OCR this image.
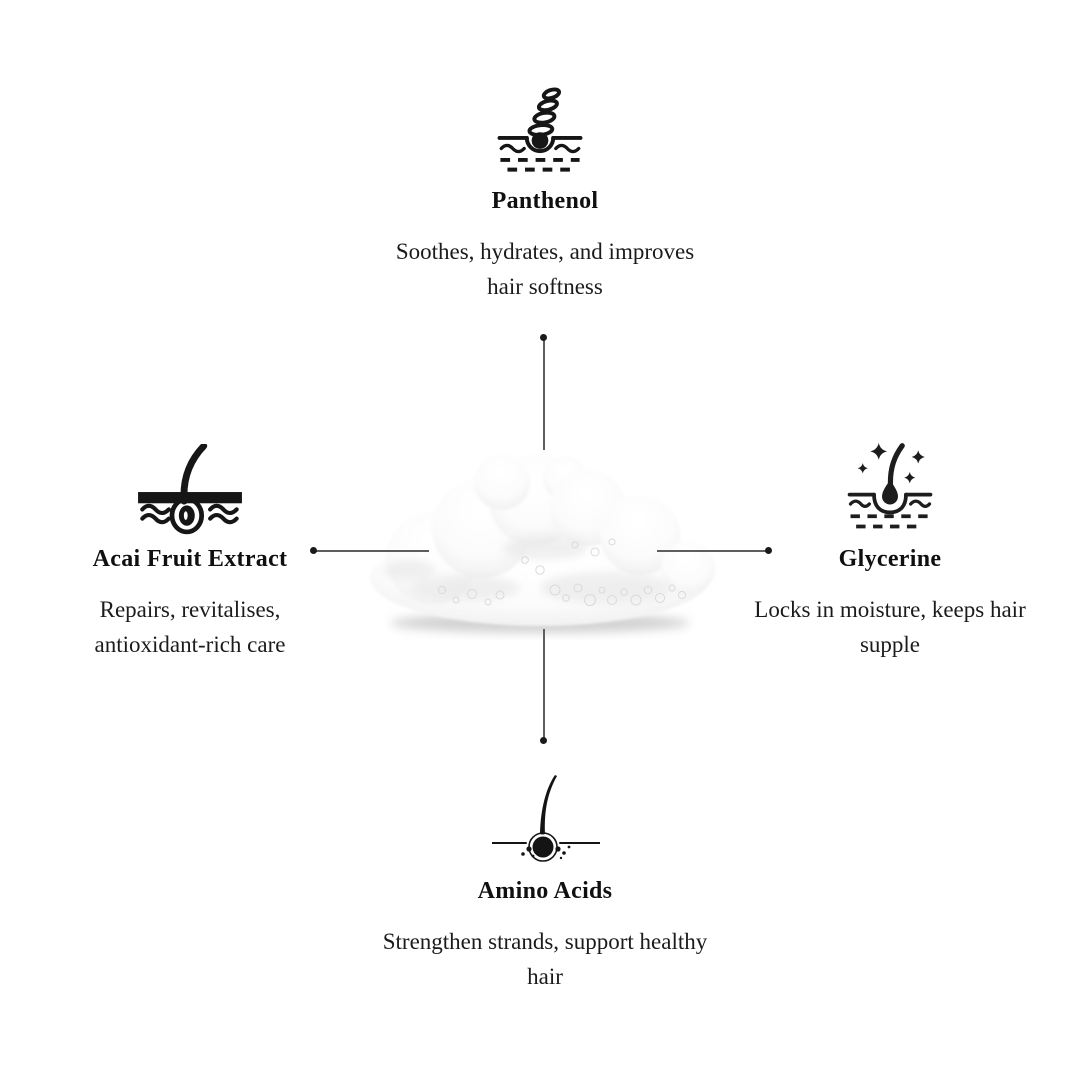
Panthenol
Soothes, hydrates, and improves
hair softness
Acai Fruit Extract
Repairs, revitalises,
antioxidant-rich care
Glycerine
Locks in moisture, keeps hair
supple
Amino Acids
Strengthen strands, support healthy
hair
